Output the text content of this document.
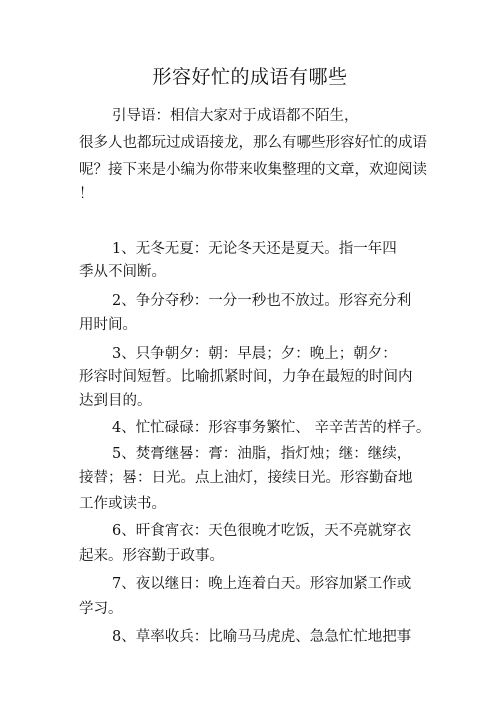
形容好忙的成语有哪些
引导语：相信大家对于成语都不陌生，
很多人也都玩过成语接龙，那么有哪些形容好忙的成语
呢？接下来是小编为你带来收集整理的文章，欢迎阅读
！
1、无冬无夏：无论冬天还是夏天。指一年四
季从不间断。
2、争分夺秒：一分一秒也不放过。形容充分利
用时间。
3、只争朝夕：朝：早晨；夕：晚上；朝夕：
形容时间短暂。比喻抓紧时间，力争在最短的时间内
达到目的。
4、忙忙碌碌：形容事务繁忙、 辛辛苦苦的样子。
5、焚膏继晷：膏：油脂，指灯烛；继：继续，
接替；晷：日光。点上油灯，接续日光。形容勤奋地
工作或读书。
6、旰食宵衣：天色很晚才吃饭，天不亮就穿衣
起来。形容勤于政事。
7、夜以继日：晚上连着白天。形容加紧工作或
学习。
8、草率收兵：比喻马马虎虎、急急忙忙地把事
